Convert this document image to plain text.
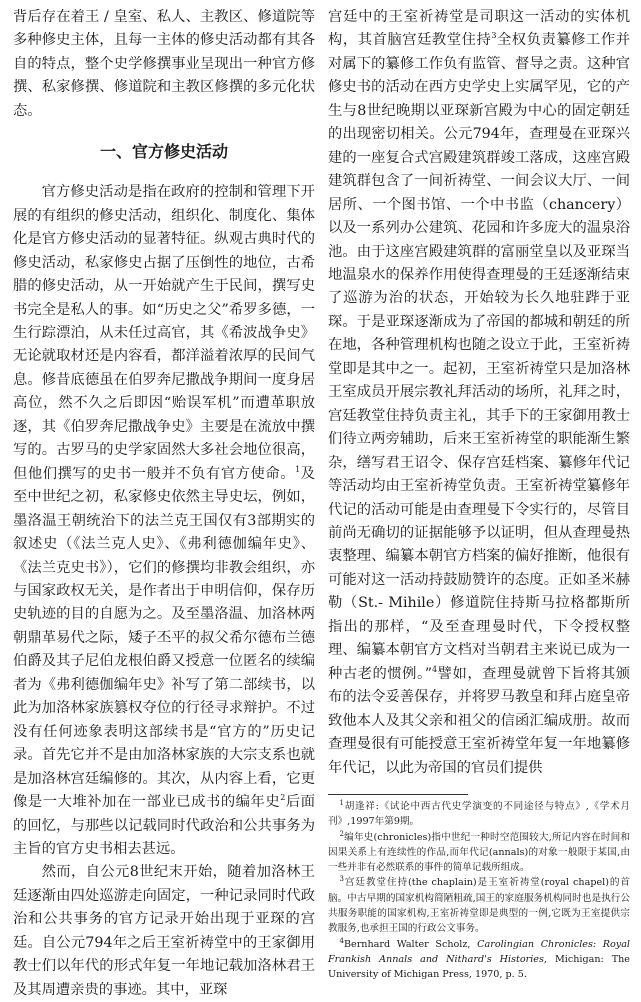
背后存在着王 / 皇室、私人、主教区、修道院等多种修史主体，且每一主体的修史活动都有其各自的特点，整个史学修撰事业呈现出一种官方修撰、私家修撰、修道院和主教区修撰的多元化状态。

一、官方修史活动

官方修史活动是指在政府的控制和管理下开展的有组织的修史活动，组织化、制度化、集体化是官方修史活动的显著特征。纵观古典时代的修史活动，私家修史占据了压倒性的地位，古希腊的修史活动，从一开始就产生于民间，撰写史书完全是私人的事。如“历史之父”希罗多德，一生行踪漂泊，从未任过高官，其《希波战争史》无论就取材还是内容看，都洋溢着浓厚的民间气息。修昔底德虽在伯罗奔尼撒战争期间一度身居高位，然不久之后即因“贻误军机”而遭革职放逐，其《伯罗奔尼撒战争史》主要是在流放中撰写的。古罗马的史学家固然大多社会地位很高，但他们撰写的史书一般并不负有官方使命。$^1$及至中世纪之初，私家修史依然主导史坛，例如，墨洛温王朝统治下的法兰克王国仅有3部期实的叙述史（《法兰克人史》、《弗利德伽编年史》、《法兰克史书》），它们的修撰均非教会组织，亦与国家政权无关，是作者出于申明信仰，保存历史轨迹的目的自愿为之。及至墨洛温、加洛林两朝鼎革易代之际，矮子丕平的叔父希尔德布兰德伯爵及其子尼伯龙根伯爵又授意一位匿名的续编者为《弗利德伽编年史》补写了第二部续书，以此为加洛林家族篡权夺位的行径寻求辩护。不过没有任何迹象表明这部续书是“官方的”历史记录。首先它并不是由加洛林家族的大宗支系也就是加洛林宫廷编修的。其次，从内容上看，它更像是一大堆补加在一部业已成书的编年史$^2$后面的回忆，与那些以记载同时代政治和公共事务为主旨的官方史书相去甚远。

然而，自公元8世纪末开始，随着加洛林王廷逐渐由四处巡游走向固定，一种记录同时代政治和公共事务的官方记录开始出现于亚琛的宫廷。自公元794年之后王室祈祷堂中的王家御用教士们以年代的形式年复一年地记载加洛林君王及其周遭亲贵的事迹。其中，亚琛

宫廷中的王室祈祷堂是司职这一活动的实体机构，其首脑宫廷教堂住持$^3$全权负责纂修工作并对属下的纂修工作负有监管、督导之责。这种官修史书的活动在西方史学史上实属罕见，它的产生与8世纪晚期以亚琛新宫殿为中心的固定朝廷的出现密切相关。公元794年，查理曼在亚琛兴建的一座复合式宫殿建筑群竣工落成，这座宫殿建筑群包含了一间祈祷堂、一间会议大厅、一间居所、一个图书馆、一个中书监（chancery）以及一系列办公建筑、花园和许多庞大的温泉浴池。由于这座宫殿建筑群的富丽堂皇以及亚琛当地温泉水的保养作用使得查理曼的王廷逐渐结束了巡游为治的状态，开始较为长久地驻跸于亚琛。于是亚琛逐渐成为了帝国的都城和朝廷的所在地，各种管理机构也随之设立于此，王室祈祷堂即是其中之一。起初，王室祈祷堂只是加洛林王室成员开展宗教礼拜活动的场所，礼拜之时，宫廷教堂住持负责主礼，其手下的王家御用教士们待立两旁辅助，后来王室祈祷堂的职能渐生繁杂，缮写君王诏令、保存宫廷档案、纂修年代记等活动均由王室祈祷堂负责。王室祈祷堂纂修年代记的活动可能是由查理曼下令实行的，尽管目前尚无确切的证据能够予以证明，但从查理曼热衷整理、编纂本朝官方档案的偏好推断，他很有可能对这一活动持鼓励赞许的态度。正如圣米赫勒（St.- Mihile）修道院住持斯马拉格都斯所指出的那样，“及至查理曼时代，下令授权整理、编纂本朝官方文档对当朝君主来说已成为一种古老的惯例。”$^4$譬如，查理曼就曾下旨将其颁布的法令妥善保存，并将罗马教皇和拜占庭皇帝致他本人及其父亲和祖父的信函汇编成册。故而查理曼很有可能授意王室祈祷堂年复一年地纂修年代记，以此为帝国的官员们提供

$^1$胡逢祥:《试论中西古代史学演变的不同途径与特点》,《学术月刊》,1997年第9期。

$^2$编年史(chronicles)指中世纪一种时空范围较大,所记内容在时间和因果关系上有连续性的作品,而年代记(annals)的对象一般限于某国,由一些并非有必然联系的事件的简单记载所组成。

$^3$宫廷教堂住持(the chaplain)是王室祈祷堂(royal chapel)的首脑。中古早期的国家机构简陋粗疏,国王的家庭服务机构同时也是执行公共服务职能的国家机构,王室祈祷堂即是典型的一例,它既为王室提供宗教服务,也承担王国的行政公文事务。

$^4$Bernhard Walter Scholz, Carolingian Chronicles: Royal Frankish Annals and Nithard's Histories, Michigan: The University of Michigan Press, 1970, p. 5.
